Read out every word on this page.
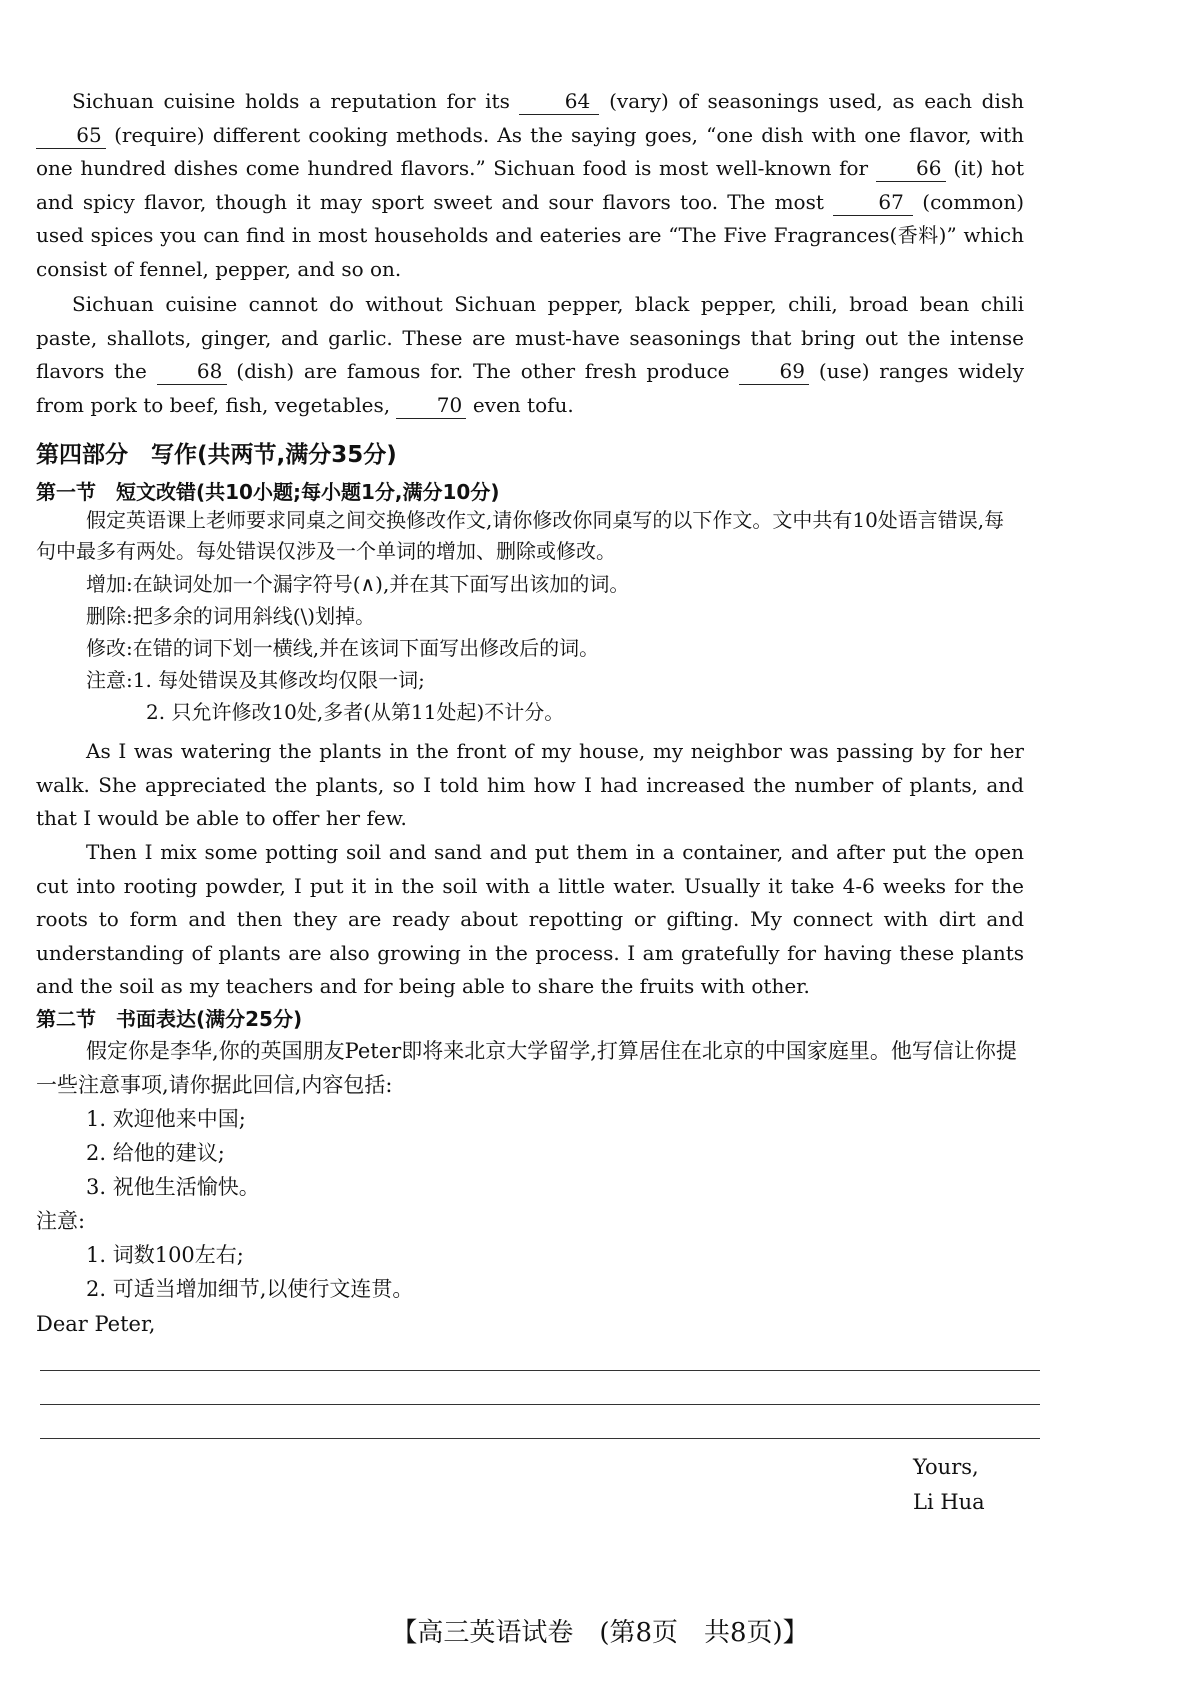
Sichuan cuisine holds a reputation for its 64 (vary) of seasonings used, as each dish 65 (require) different cooking methods. As the saying goes, “one dish with one flavor, with one hundred dishes come hundred flavors.” Sichuan food is most well-known for 66 (it) hot and spicy flavor, though it may sport sweet and sour flavors too. The most 67 (common) used spices you can find in most households and eateries are “The Five Fragrances(香料)” which consist of fennel, pepper, and so on.

Sichuan cuisine cannot do without Sichuan pepper, black pepper, chili, broad bean chili paste, shallots, ginger, and garlic. These are must-have seasonings that bring out the intense flavors the 68 (dish) are famous for. The other fresh produce 69 (use) ranges widely from pork to beef, fish, vegetables, 70 even tofu.

第四部分　写作(共两节,满分35分)

第一节　短文改错(共10小题;每小题1分,满分10分)

假定英语课上老师要求同桌之间交换修改作文,请你修改你同桌写的以下作文。文中共有10处语言错误,每句中最多有两处。每处错误仅涉及一个单词的增加、删除或修改。

增加:在缺词处加一个漏字符号(∧),并在其下面写出该加的词。

删除:把多余的词用斜线(\)划掉。

修改:在错的词下划一横线,并在该词下面写出修改后的词。

注意:1. 每处错误及其修改均仅限一词;

2. 只允许修改10处,多者(从第11处起)不计分。

As I was watering the plants in the front of my house, my neighbor was passing by for her walk. She appreciated the plants, so I told him how I had increased the number of plants, and that I would be able to offer her few.

Then I mix some potting soil and sand and put them in a container, and after put the open cut into rooting powder, I put it in the soil with a little water. Usually it take 4-6 weeks for the roots to form and then they are ready about repotting or gifting. My connect with dirt and understanding of plants are also growing in the process. I am gratefully for having these plants and the soil as my teachers and for being able to share the fruits with other.

第二节　书面表达(满分25分)

假定你是李华,你的英国朋友Peter即将来北京大学留学,打算居住在北京的中国家庭里。他写信让你提一些注意事项,请你据此回信,内容包括:

1. 欢迎他来中国;

2. 给他的建议;

3. 祝他生活愉快。

注意:

1. 词数100左右;

2. 可适当增加细节,以使行文连贯。

Dear Peter,

Yours,

Li Hua

【高三英语试卷　(第8页　共8页)】
